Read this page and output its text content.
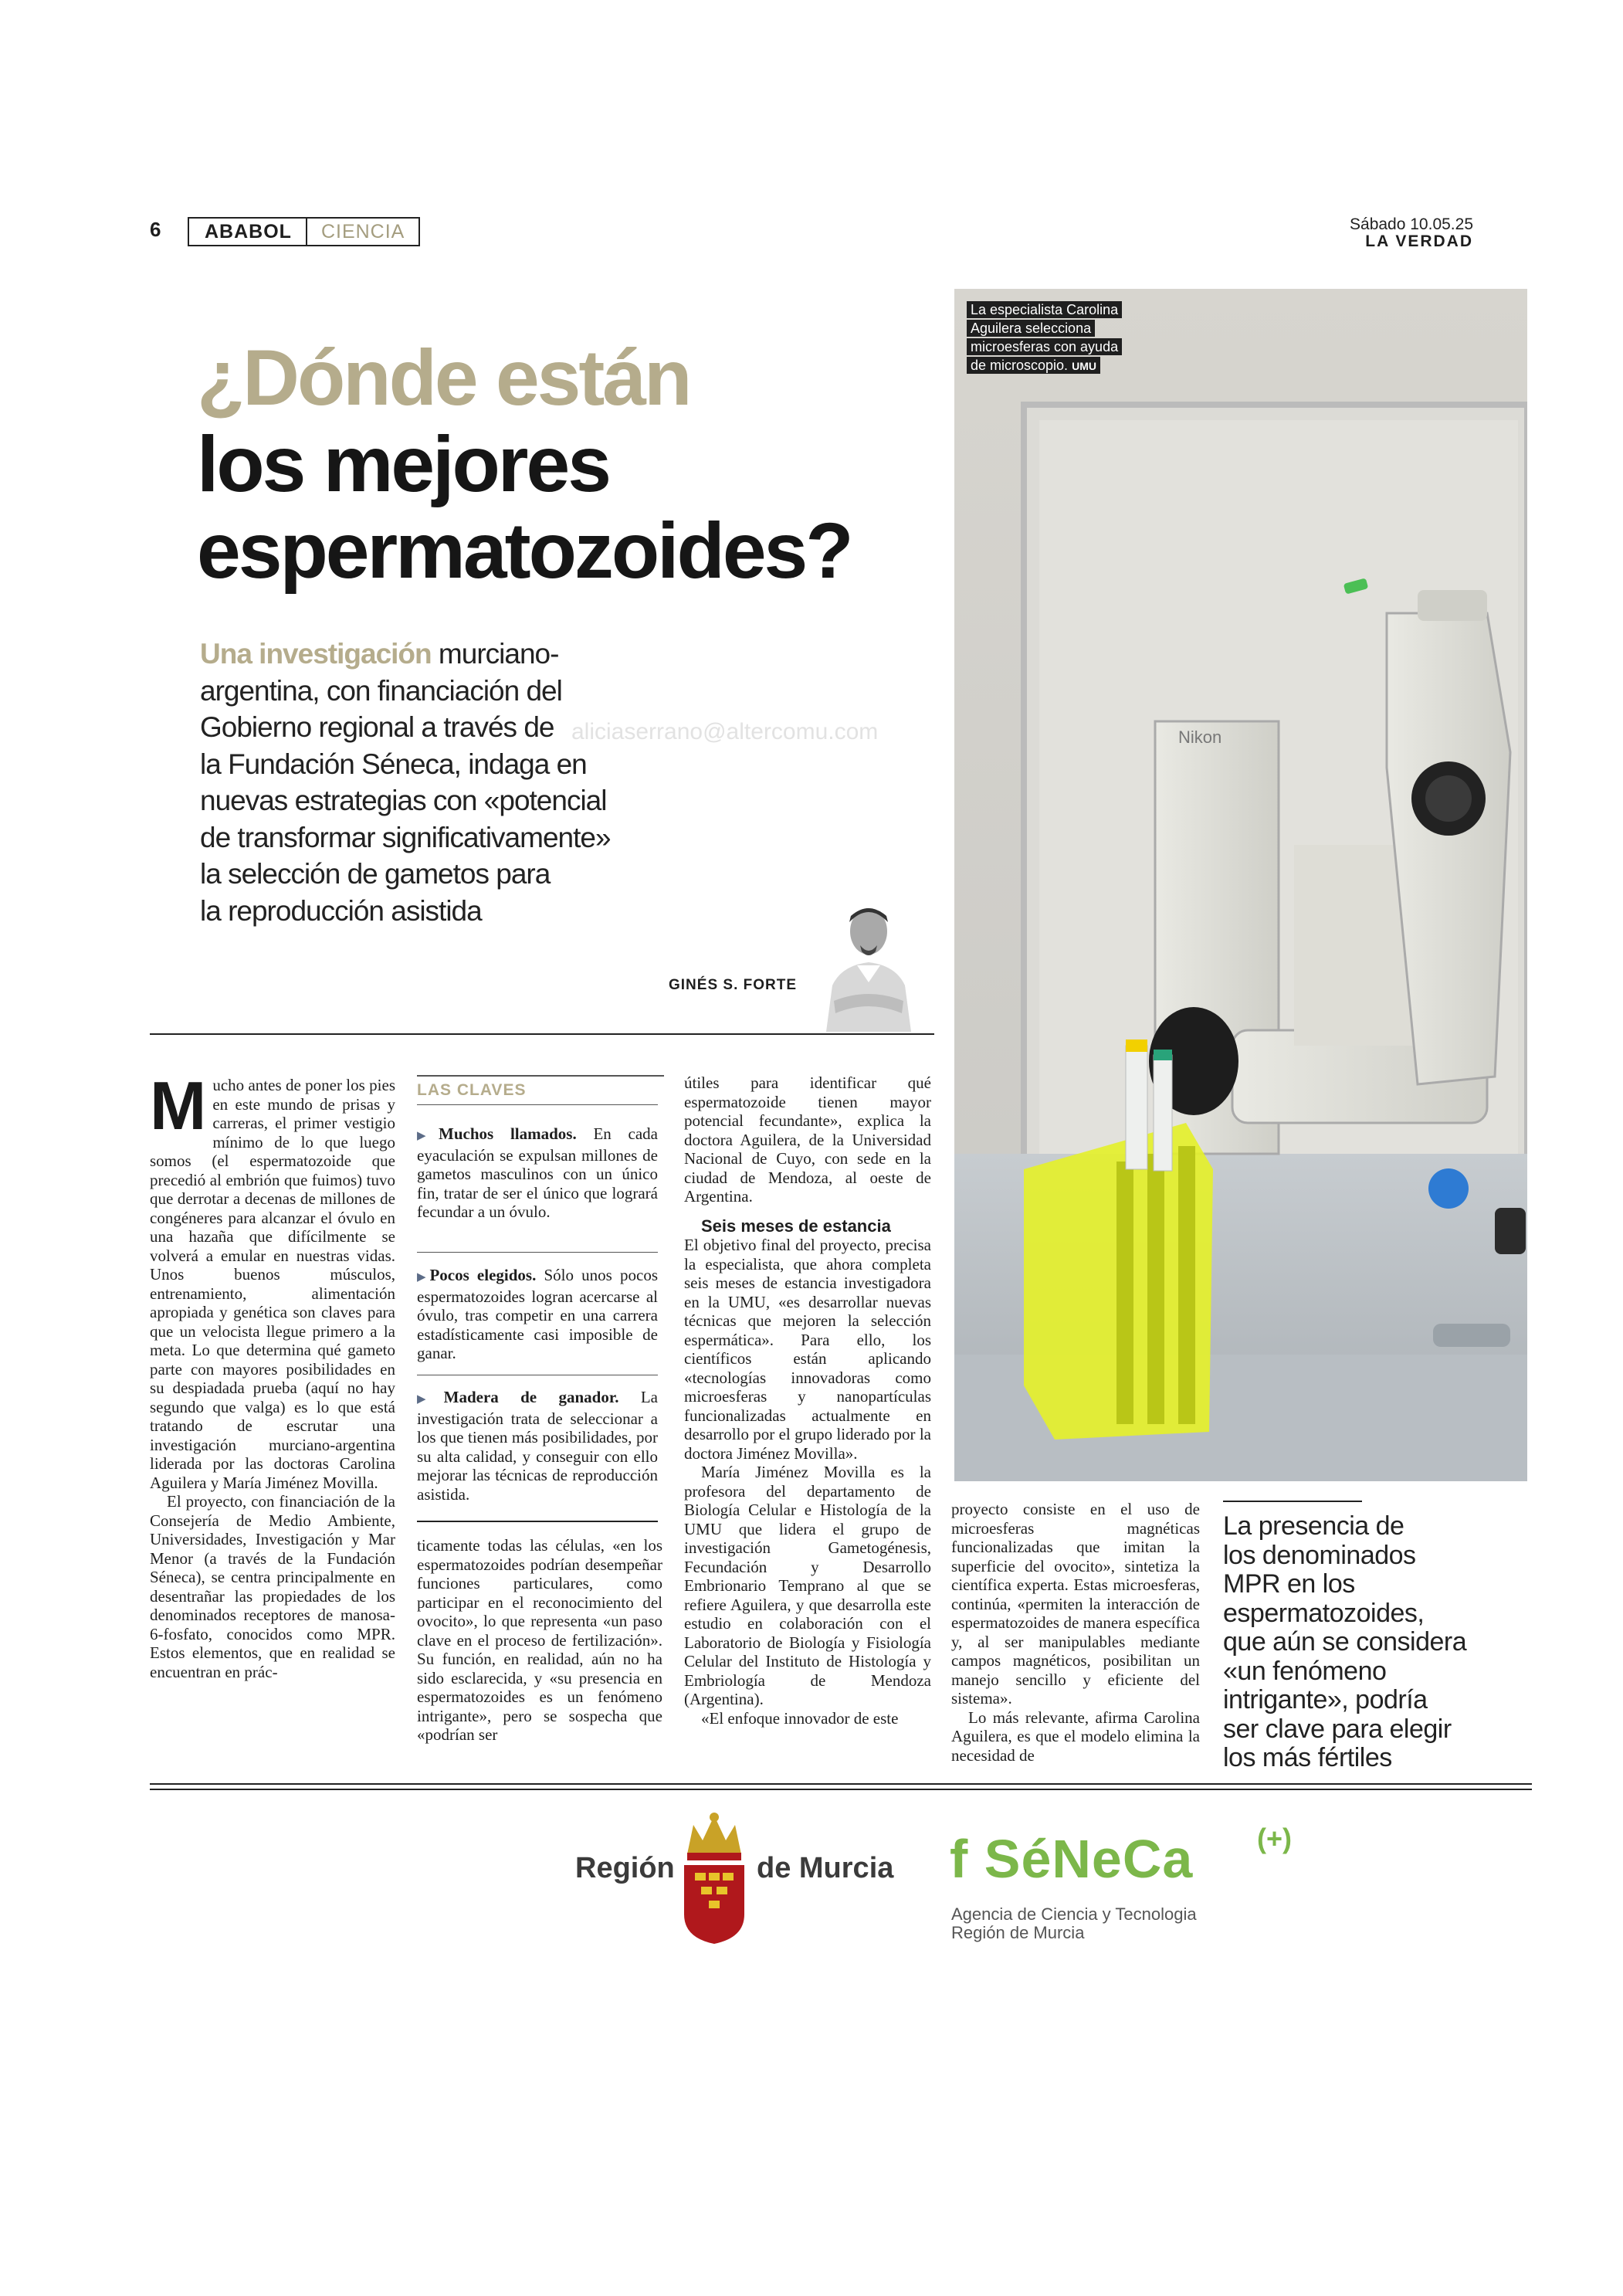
6	ABABOL	CIENCIA	Sábado 10.05.25
LA VERDAD
¿Dónde están
los mejores
espermatozoides?
Una investigación murciano-
argentina, con financiación del
Gobierno regional a través de
la Fundación Séneca, indaga en
nuevas estrategias con «potencial
de transformar significativamente»
la selección de gametos para
la reproducción asistida
aliciaserrano@altercomu.com
GINÉS S. FORTE
Nikon
La especialista Carolina
Aguilera selecciona
microesferas con ayuda
de microscopio. UMU

Mucho antes de poner los pies en este mundo de prisas y carreras, el primer vestigio mínimo de lo que luego somos (el espermatozoide que precedió al embrión que fuimos) tuvo que derrotar a decenas de millones de congéneres para alcanzar el óvulo en una hazaña que difícilmente se volverá a emular en nuestras vidas. Unos buenos músculos, entrenamiento, alimentación apropiada y genética son claves para que un velocista llegue primero a la meta. Lo que determina qué gameto parte con mayores posibilidades en su despiadada prueba (aquí no hay segundo que valga) es lo que está tratando de escrutar una investigación murciano-argentina liderada por las doctoras Carolina Aguilera y María Jiménez Movilla.

El proyecto, con financiación de la Consejería de Medio Ambiente, Universidades, Investigación y Mar Menor (a través de la Fundación Séneca), se centra principalmente en desentrañar las propiedades de los denominados receptores de manosa-6-fosfato, conocidos como MPR. Estos elementos, que en realidad se encuentran en prác-

LAS CLAVES
▶Muchos llamados. En cada eyaculación se expulsan millones de gametos masculinos con un único fin, tratar de ser el único que logrará fecundar a un óvulo.
▶Pocos elegidos. Sólo unos pocos espermatozoides logran acercarse al óvulo, tras competir en una carrera estadísticamente casi imposible de ganar.
▶Madera de ganador. La investigación trata de seleccionar a los que tienen más posibilidades, por su alta calidad, y conseguir con ello mejorar las técnicas de reproducción asistida.

ticamente todas las células, «en los espermatozoides podrían desempeñar funciones particulares, como participar en el reconocimiento del ovocito», lo que representa «un paso clave en el proceso de fertilización». Su función, en realidad, aún no ha sido esclarecida, y «su presencia en espermatozoides es un fenómeno intrigante», pero se sospecha que «podrían ser

útiles para identificar qué espermatozoide tienen mayor potencial fecundante», explica la doctora Aguilera, de la Universidad Nacional de Cuyo, con sede en la ciudad de Mendoza, al oeste de Argentina.

Seis meses de estancia

El objetivo final del proyecto, precisa la especialista, que ahora completa seis meses de estancia investigadora en la UMU, «es desarrollar nuevas técnicas que mejoren la selección espermática». Para ello, los científicos están aplicando «tecnologías innovadoras como microesferas y nanopartículas funcionalizadas actualmente en desarrollo por el grupo liderado por la doctora Jiménez Movilla».

María Jiménez Movilla es la profesora del departamento de Biología Celular e Histología de la UMU que lidera el grupo de investigación Gametogénesis, Fecundación y Desarrollo Embrionario Temprano al que se refiere Aguilera, y que desarrolla este estudio en colaboración con el Laboratorio de Biología y Fisiología Celular del Instituto de Histología y Embriología de Mendoza (Argentina).

«El enfoque innovador de este

proyecto consiste en el uso de microesferas magnéticas funcionalizadas que imitan la superficie del ovocito», sintetiza la científica experta. Estas microesferas, continúa, «permiten la interacción de espermatozoides de manera específica y, al ser manipulables mediante campos magnéticos, posibilitan un manejo sencillo y eficiente del sistema».

Lo más relevante, afirma Carolina Aguilera, es que el modelo elimina la necesidad de

La presencia de
los denominados
MPR en los
espermatozoides,
que aún se considera
«un fenómeno
intrigante», podría
ser clave para elegir
los más fértiles
Región	de Murcia f SéNeCa (+)
Agencia de Ciencia y Tecnologia
Región de Murcia
